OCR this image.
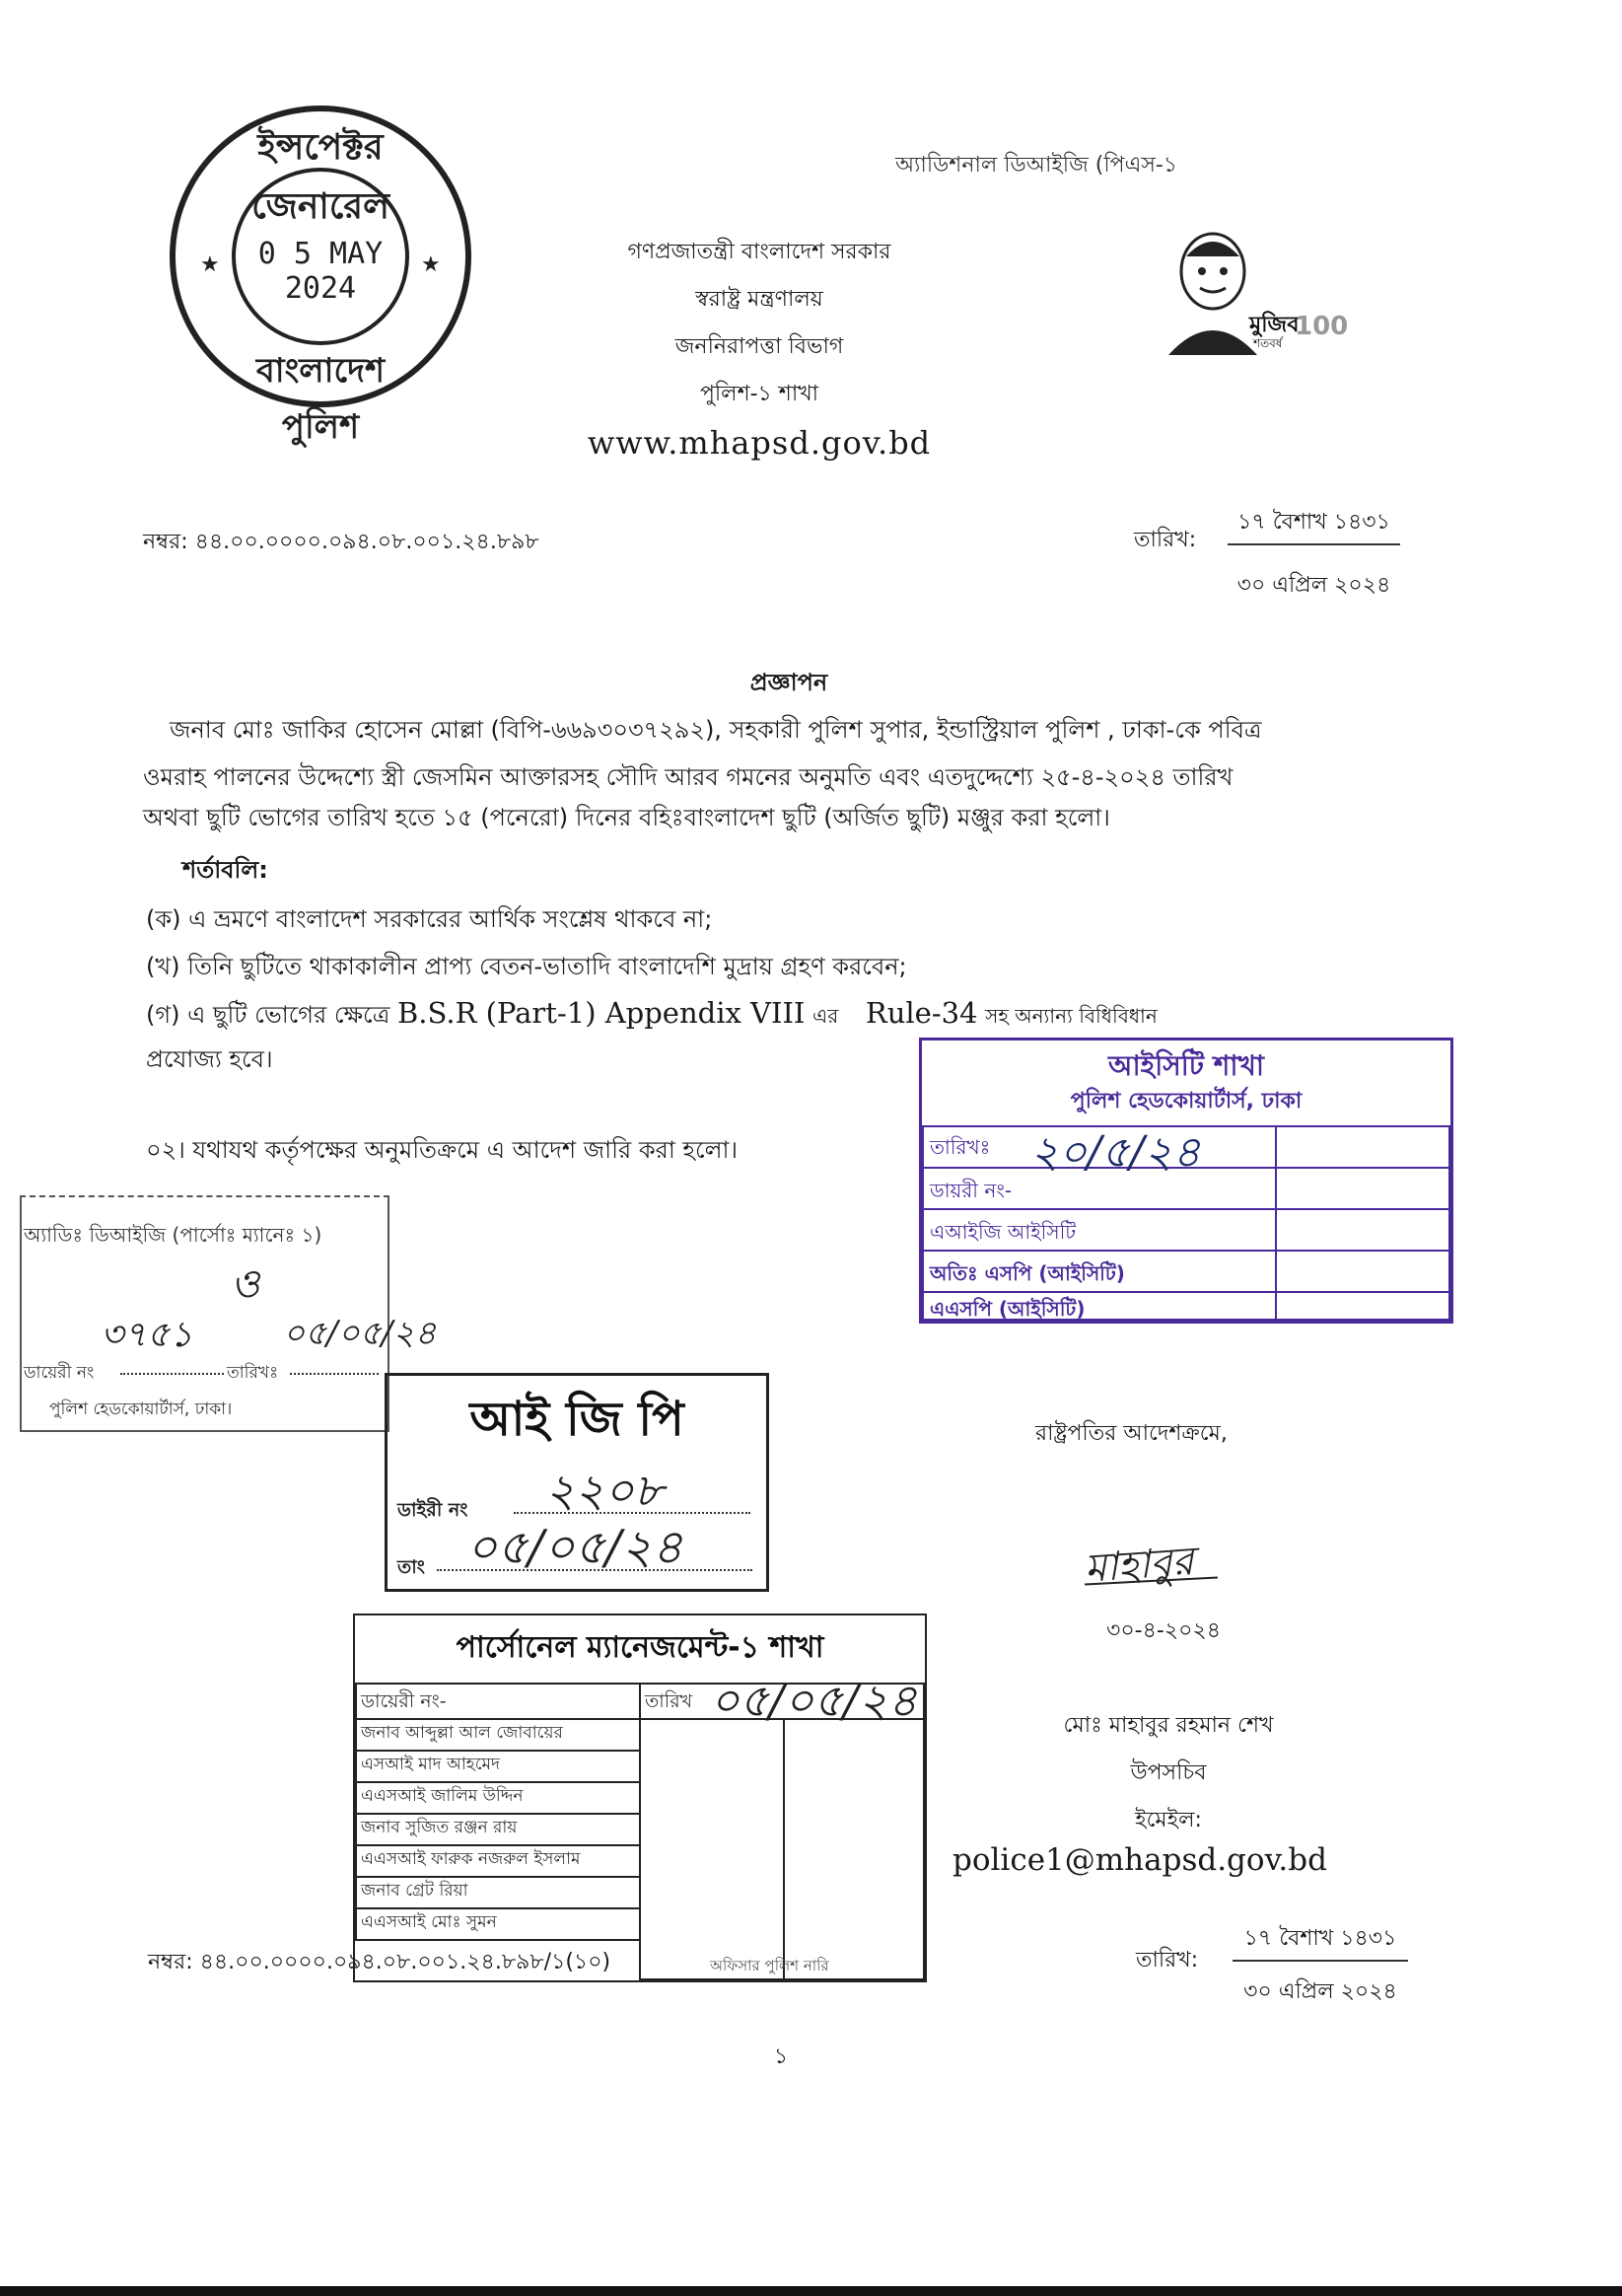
অ্যাডিশনাল ডিআইজি (পিএস-১
★	★
ইন্সপেক্টর জেনারেল
0 5 MAY 2024
বাংলাদেশ পুলিশ
গণপ্রজাতন্ত্রী বাংলাদেশ সরকার
স্বরাষ্ট্র মন্ত্রণালয়
জননিরাপত্তা বিভাগ
পুলিশ-১ শাখা
www.mhapsd.gov.bd
মুজিব
শতবর্ষ
100
নম্বর: ৪৪.০০.০০০০.০৯৪.০৮.০০১.২৪.৮৯৮	তারিখ:
১৭ বৈশাখ ১৪৩১
৩০ এপ্রিল ২০২৪
প্রজ্ঞাপন
জনাব মোঃ জাকির হোসেন মোল্লা (বিপি-৬৬৯৩০৩৭২৯২), সহকারী পুলিশ সুপার, ইন্ডাস্ট্রিয়াল পুলিশ , ঢাকা-কে পবিত্র
ওমরাহ পালনের উদ্দেশ্যে স্ত্রী জেসমিন আক্তারসহ সৌদি আরব গমনের অনুমতি এবং এতদুদ্দেশ্যে ২৫-৪-২০২৪ তারিখ
অথবা ছুটি ভোগের তারিখ হতে ১৫ (পনেরো) দিনের বহিঃবাংলাদেশ ছুটি (অর্জিত ছুটি) মঞ্জুর করা হলো।
শর্তাবলি:
(ক) এ ভ্রমণে বাংলাদেশ সরকারের আর্থিক সংশ্লেষ থাকবে না;
(খ) তিনি ছুটিতে থাকাকালীন প্রাপ্য বেতন-ভাতাদি বাংলাদেশি মুদ্রায় গ্রহণ করবেন;
(গ) এ ছুটি ভোগের ক্ষেত্রে B.S.R (Part-1) Appendix VIII এর Rule-34 সহ অন্যান্য বিধিবিধান
প্রযোজ্য হবে।
০২। যথাযথ কর্তৃপক্ষের অনুমতিক্রমে এ আদেশ জারি করা হলো।
আইসিটি শাখা
পুলিশ হেডকোয়ার্টার্স, ঢাকা
তারিখঃ ২০/৫/২৪
ডায়রী নং-
এআইজি আইসিটি
অতিঃ এসপি (আইসিটি)
এএসপি (আইসিটি)
অ্যাডিঃ ডিআইজি (পার্সোঃ ম্যানেঃ ১)
ও
৩৭৫১	০৫/০৫/২৪
ডায়েরী নং	তারিখঃ
পুলিশ হেডকোয়ার্টার্স, ঢাকা।	আই জি পি
ডাইরী নং ২২০৮
তাং ০৫/০৫/২৪
পার্সোনেল ম্যানেজমেন্ট-১ শাখা
ডায়েরী নং-	তারিখ ০৫/০৫/২৪
জনাব আব্দুল্লা আল জোবায়ের
এসআই মাদ আহমেদ
এএসআই জালিম উদ্দিন
জনাব সুজিত রঞ্জন রায়
এএসআই ফারুক নজরুল ইসলাম
জনাব গ্রেট রিয়া
এএসআই মোঃ সুমন
অফিসার পুলিশ নারি
রাষ্ট্রপতির আদেশক্রমে,
মাহাবুর
৩০-৪-২০২৪
মোঃ মাহাবুর রহমান শেখ
উপসচিব
ইমেইল:
police1@mhapsd.gov.bd
নম্বর: ৪৪.০০.০০০০.০৯৪.০৮.০০১.২৪.৮৯৮/১(১০)	তারিখ:
১৭ বৈশাখ ১৪৩১
৩০ এপ্রিল ২০২৪
১
